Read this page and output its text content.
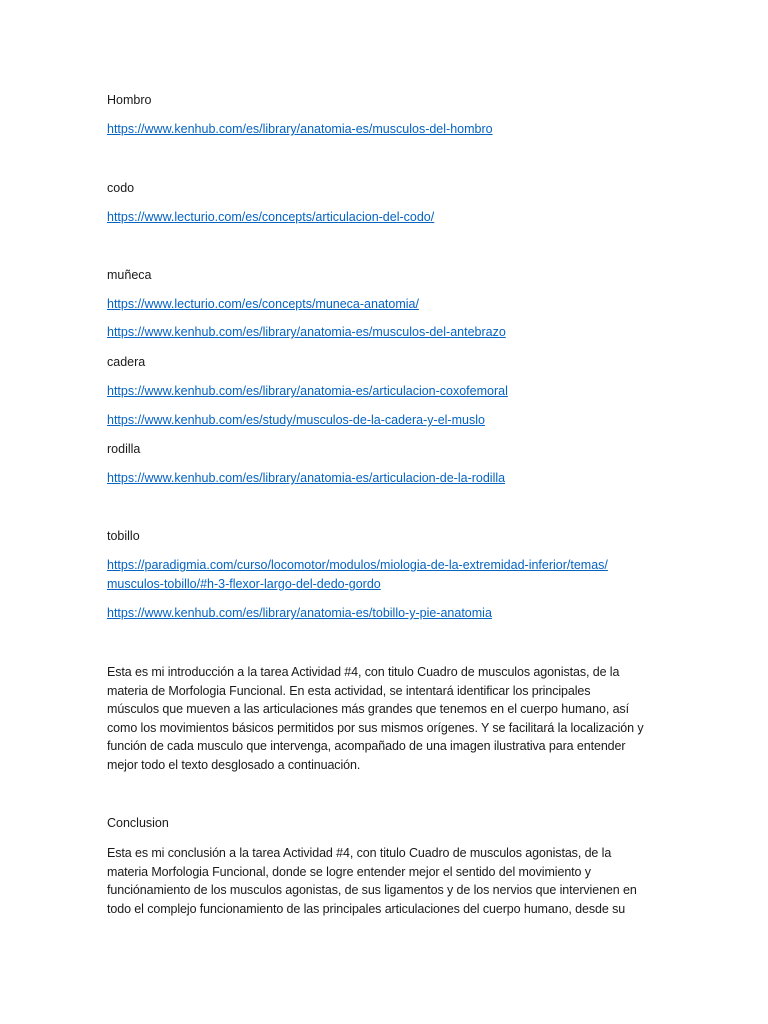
Hombro
https://www.kenhub.com/es/library/anatomia-es/musculos-del-hombro
codo
https://www.lecturio.com/es/concepts/articulacion-del-codo/
muñeca
https://www.lecturio.com/es/concepts/muneca-anatomia/
https://www.kenhub.com/es/library/anatomia-es/musculos-del-antebrazo
cadera
https://www.kenhub.com/es/library/anatomia-es/articulacion-coxofemoral
https://www.kenhub.com/es/study/musculos-de-la-cadera-y-el-muslo
rodilla
https://www.kenhub.com/es/library/anatomia-es/articulacion-de-la-rodilla
tobillo
https://paradigmia.com/curso/locomotor/modulos/miologia-de-la-extremidad-inferior/temas/
musculos-tobillo/#h-3-flexor-largo-del-dedo-gordo
https://www.kenhub.com/es/library/anatomia-es/tobillo-y-pie-anatomia
Esta es mi introducción a la tarea Actividad #4, con titulo Cuadro de musculos agonistas, de la
materia de Morfologia Funcional. En esta actividad, se intentará identificar los principales
músculos que mueven a las articulaciones más grandes que tenemos en el cuerpo humano, así
como los movimientos básicos permitidos por sus mismos orígenes. Y se facilitará la localización y
función de cada musculo que intervenga, acompañado de una imagen ilustrativa para entender
mejor todo el texto desglosado a continuación.
Conclusion
Esta es mi conclusión a la tarea Actividad #4, con titulo Cuadro de musculos agonistas, de la
materia Morfologia Funcional, donde se logre entender mejor el sentido del movimiento y
funciónamiento de los musculos agonistas, de sus ligamentos y de los nervios que intervienen en
todo el complejo funcionamiento de las principales articulaciones del cuerpo humano, desde su
